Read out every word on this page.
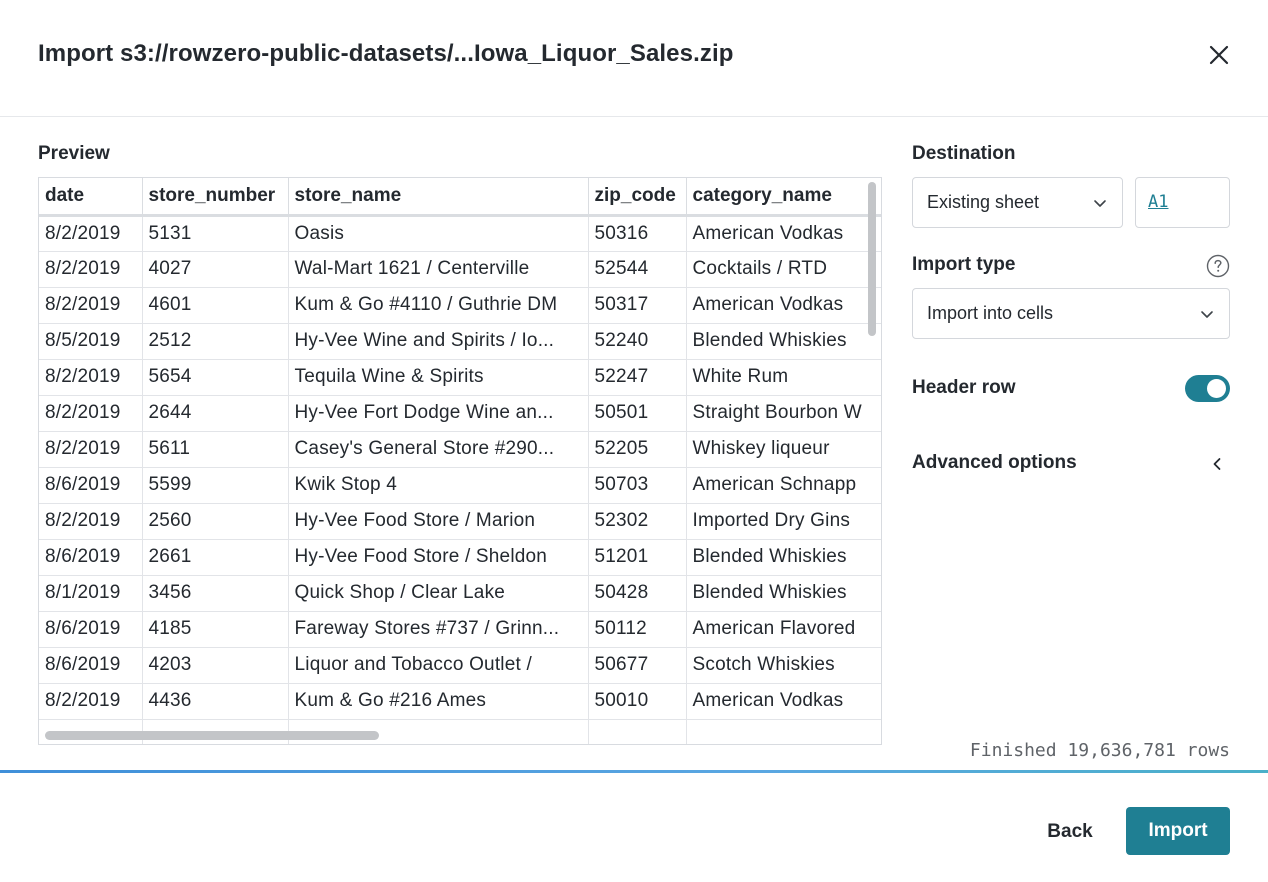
Import s3://rowzero-public-datasets/...Iowa_Liquor_Sales.zip
Preview
date	store_number	store_name	zip_code	category_name
8/2/2019	5131	Oasis	50316	American Vodkas
8/2/2019	4027	Wal-Mart 1621 / Centerville	52544	Cocktails / RTD
8/2/2019	4601	Kum & Go #4110 / Guthrie DM	50317	American Vodkas
8/5/2019	2512	Hy-Vee Wine and Spirits / Io...	52240	Blended Whiskies
8/2/2019	5654	Tequila Wine & Spirits	52247	White Rum
8/2/2019	2644	Hy-Vee Fort Dodge Wine an...	50501	Straight Bourbon W
8/2/2019	5611	Casey's General Store #290...	52205	Whiskey liqueur
8/6/2019	5599	Kwik Stop 4	50703	American Schnapp
8/2/2019	2560	Hy-Vee Food Store / Marion	52302	Imported Dry Gins
8/6/2019	2661	Hy-Vee Food Store / Sheldon	51201	Blended Whiskies
8/1/2019	3456	Quick Shop / Clear Lake	50428	Blended Whiskies
8/6/2019	4185	Fareway Stores #737 / Grinn...	50112	American Flavored
8/6/2019	4203	Liquor and Tobacco Outlet /	50677	Scotch Whiskies
8/2/2019	4436	Kum & Go #216 Ames	50010	American Vodkas

Destination
Existing sheet	A1
Import type
Import into cells
Header row
Advanced options
Finished 19,636,781 rows
Back	Import
